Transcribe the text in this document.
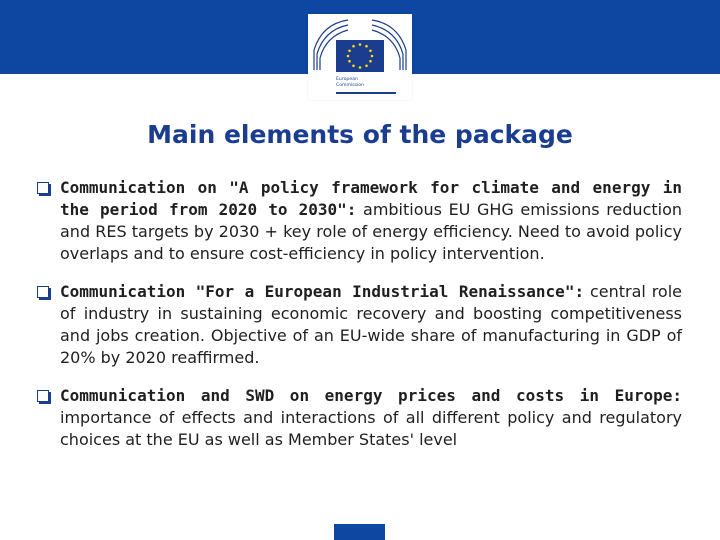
European
Commission
Main elements of the package
Communication on "A policy framework for climate and energy in the period from 2020 to 2030": ambitious EU GHG emissions reduction and RES targets by 2030 + key role of energy efficiency. Need to avoid policy overlaps and to ensure cost-efficiency in policy intervention.
Communication "For a European Industrial Renaissance": central role of industry in sustaining economic recovery and boosting competitiveness and jobs creation. Objective of an EU-wide share of manufacturing in GDP of 20% by 2020 reaffirmed.
Communication and SWD on energy prices and costs in Europe: importance of effects and interactions of all different policy and regulatory choices at the EU as well as Member States' level
